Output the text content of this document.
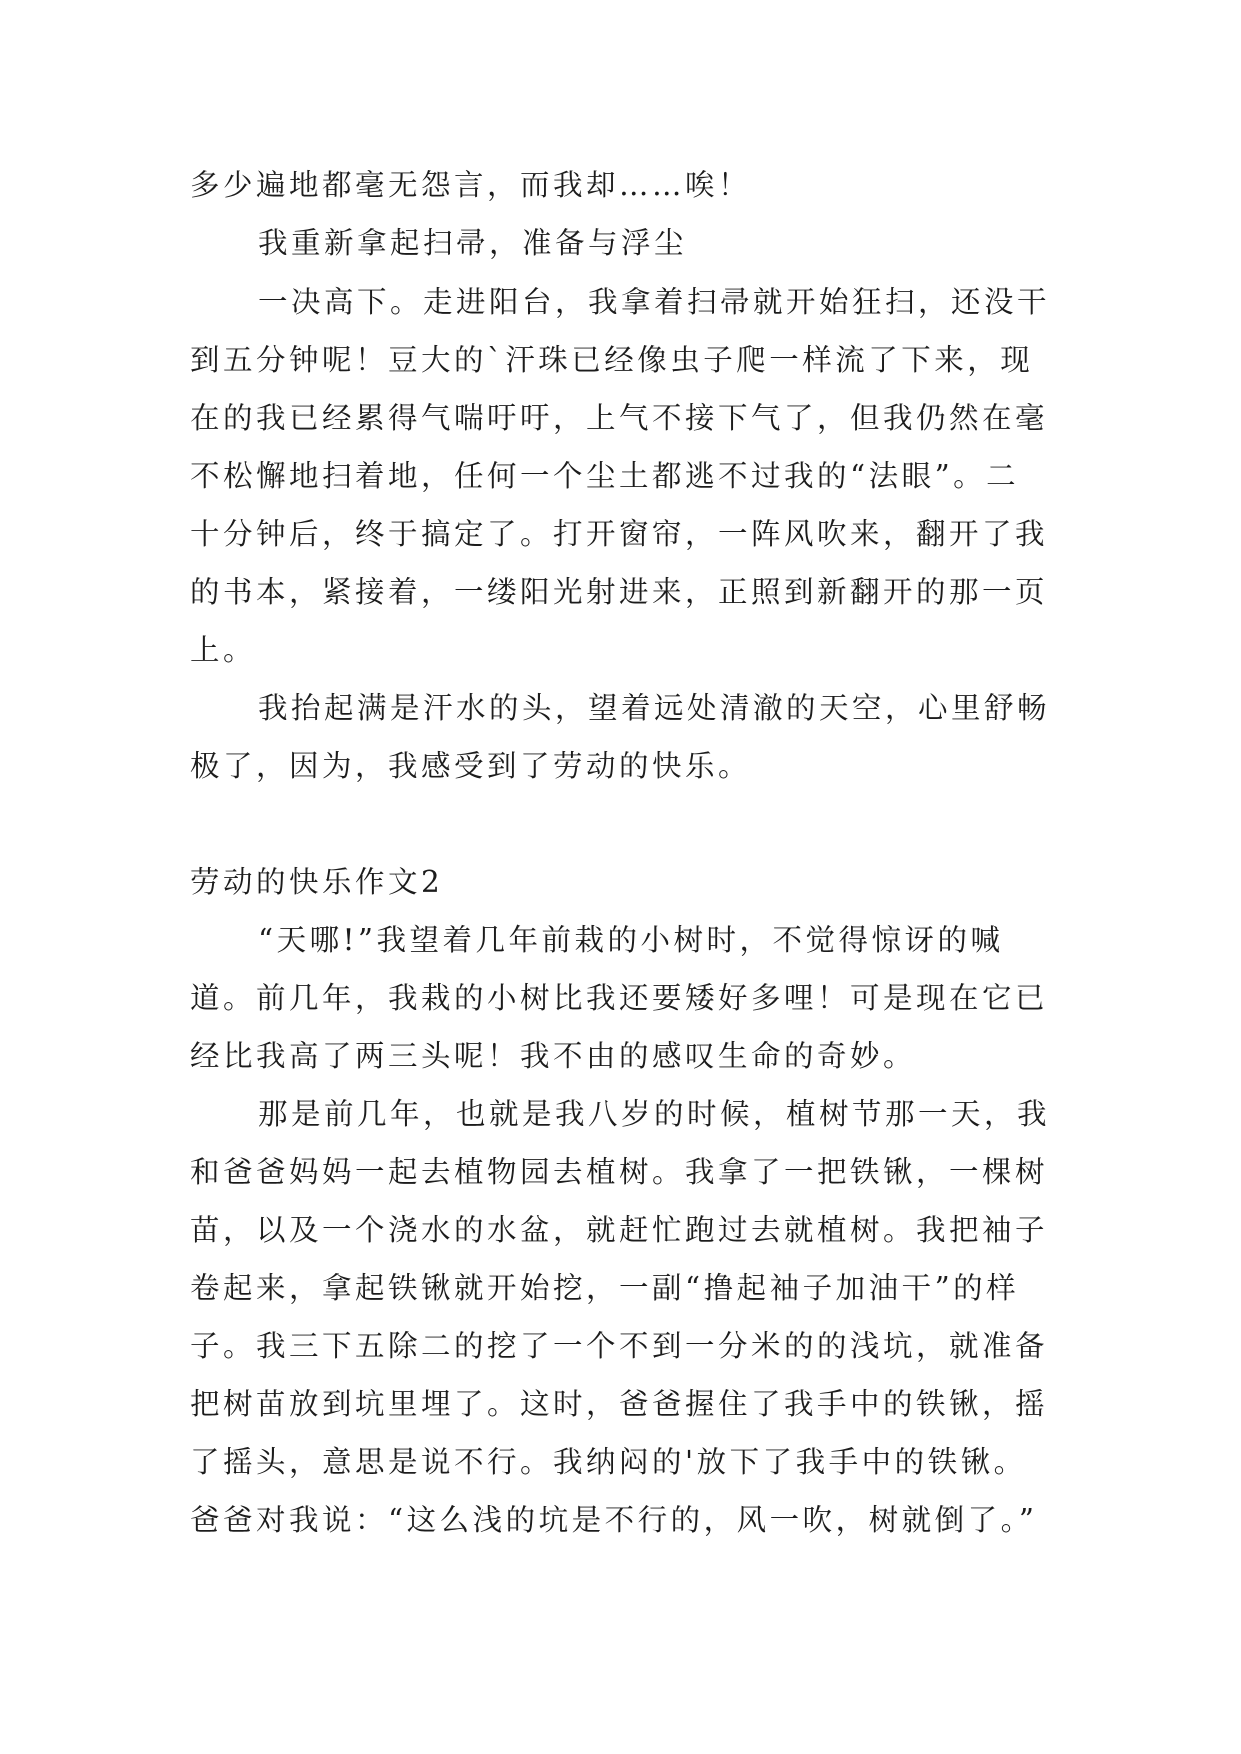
多少遍地都毫无怨言，而我却……唉！
我重新拿起扫帚，准备与浮尘
一决高下。走进阳台，我拿着扫帚就开始狂扫，还没干
到五分钟呢！豆大的`汗珠已经像虫子爬一样流了下来，现
在的我已经累得气喘吁吁，上气不接下气了，但我仍然在毫
不松懈地扫着地，任何一个尘土都逃不过我的“法眼”。二
十分钟后，终于搞定了。打开窗帘，一阵风吹来，翻开了我
的书本，紧接着，一缕阳光射进来，正照到新翻开的那一页
上。
我抬起满是汗水的头，望着远处清澈的天空，心里舒畅
极了，因为，我感受到了劳动的快乐。
劳动的快乐作文2
“天哪!”我望着几年前栽的小树时，不觉得惊讶的喊
道。前几年，我栽的小树比我还要矮好多哩！可是现在它已
经比我高了两三头呢！我不由的感叹生命的奇妙。
那是前几年，也就是我八岁的时候，植树节那一天，我
和爸爸妈妈一起去植物园去植树。我拿了一把铁锹，一棵树
苗，以及一个浇水的水盆，就赶忙跑过去就植树。我把袖子
卷起来，拿起铁锹就开始挖，一副“撸起袖子加油干”的样
子。我三下五除二的挖了一个不到一分米的的浅坑，就准备
把树苗放到坑里埋了。这时，爸爸握住了我手中的铁锹，摇
了摇头，意思是说不行。我纳闷的'放下了我手中的铁锹。
爸爸对我说：“这么浅的坑是不行的，风一吹，树就倒了。”
